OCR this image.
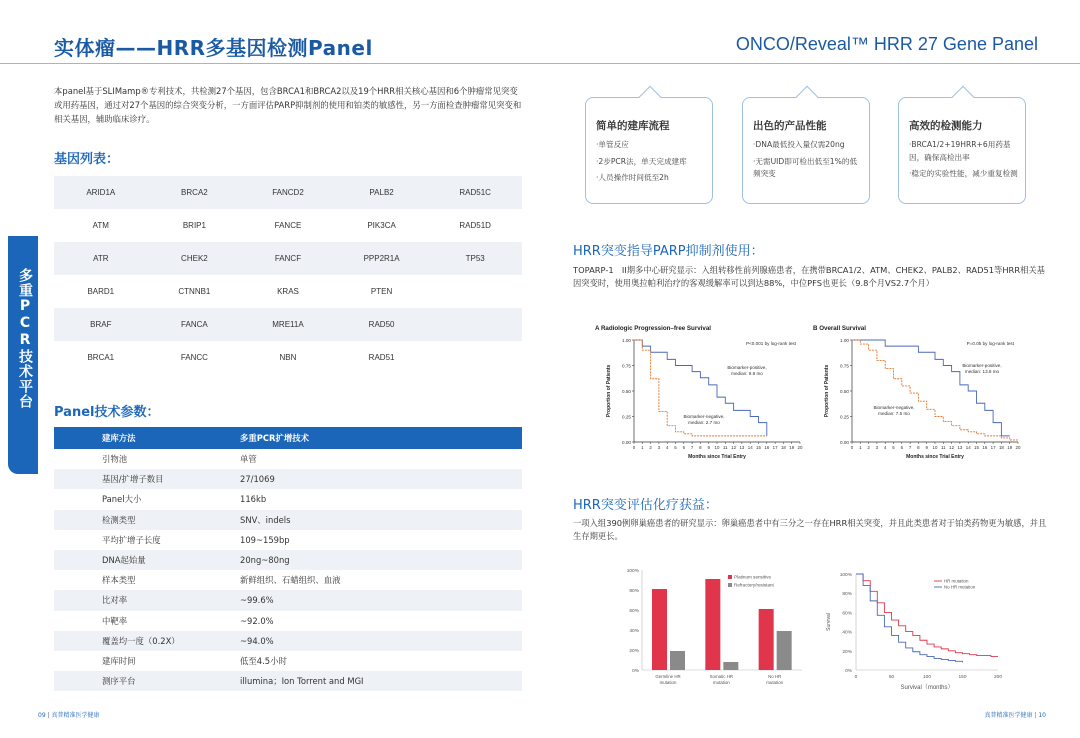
实体瘤——HRR多基因检测Panel	ONCO/Reveal™ HRR 27 Gene Panel
多重PCR技术平台
本panel基于SLIMamp®专利技术，共检测27个基因，包含BRCA1和BRCA2以及19个HRR相关核心基因和6个肿瘤常见突变或用药基因，通过对27个基因的综合突变分析，一方面评估PARP抑制剂的使用和铂类的敏感性，另一方面检查肿瘤常见突变和相关基因，辅助临床诊疗。
基因列表：
ARID1A	BRCA2	FANCD2	PALB2	RAD51C
ATM	BRIP1	FANCE	PIK3CA	RAD51D
ATR	CHEK2	FANCF	PPP2R1A	TP53
BARD1	CTNNB1	KRAS	PTEN
BRAF	FANCA	MRE11A	RAD50
BRCA1	FANCC	NBN	RAD51
Panel技术参数：
建库方法	多重PCR扩增技术
引物池	单管
基因/扩增子数目	27/1069
Panel大小	116kb
检测类型	SNV、indels
平均扩增子长度	109~159bp
DNA起始量	20ng~80ng
样本类型	新鲜组织、石蜡组织、血液
比对率	~99.6%
中靶率	~92.0%
覆盖均一度（0.2X）	~94.0%
建库时间	低至4.5小时
测序平台	illumina；Ion Torrent and MGI
简单的建库流程

·单管反应

·2步PCR法，单天完成建库

·人员操作时间低至2h

出色的产品性能

·DNA最低投入量仅需20ng

·无需UID即可检出低至1%的低频突变

高效的检测能力

·BRCA1/2+19HRR+6用药基因，确保高检出率

·稳定的实验性能，减少重复检测

HRR突变指导PARP抑制剂使用：
TOPARP-1　II期多中心研究显示：入组转移性前列腺癌患者，在携带BRCA1/2、ATM、CHEK2、PALB2、RAD51等HRR相关基因突变时，使用奥拉帕利治疗的客观缓解率可以到达88%，中位PFS也更长（9.8个月VS2.7个月）
A Radiologic Progression–free Survival
P<0.001 by log-rank test
0.00
0.25
0.50
0.75
1.00
0 1 2 3 4 5 6 7 8 9 10 11 12 13 14 15 16 17 18 19 20
Months since Trial Entry
Proportion of Patients	Biomarker-positive,
median: 9.8 mo
Biomarker-negative,
median: 2.7 mo
B Overall Survival
P=0.05 by log-rank test
0.00
0.25
0.50
0.75
1.00
0 1 2 3 4 5 6 7 8 9 10 11 12 13 14 15 16 17 18 19 20
Months since Trial Entry
Proportion of Patients	Biomarker-positive,
median: 13.8 mo
Biomarker-negative,
median: 7.5 mo
HRR突变评估化疗获益：
一项入组390例卵巢癌患者的研究显示：卵巢癌患者中有三分之一存在HRR相关突变，并且此类患者对于铂类药物更为敏感，并且生存期更长。
0%
20%
40%
60%
80%
100%
Germline HR
mutation
Somatic HR
mutation
No HR
mutation
Platinum sensitive
Refractory/resistant
0%
20%
40%
60%
80%
100%
0	50	100	150	200
Survival（months）
Survival
HR mutation
No HR mutation
09 | 真普精准医学健康	真普精准医学健康 | 10
